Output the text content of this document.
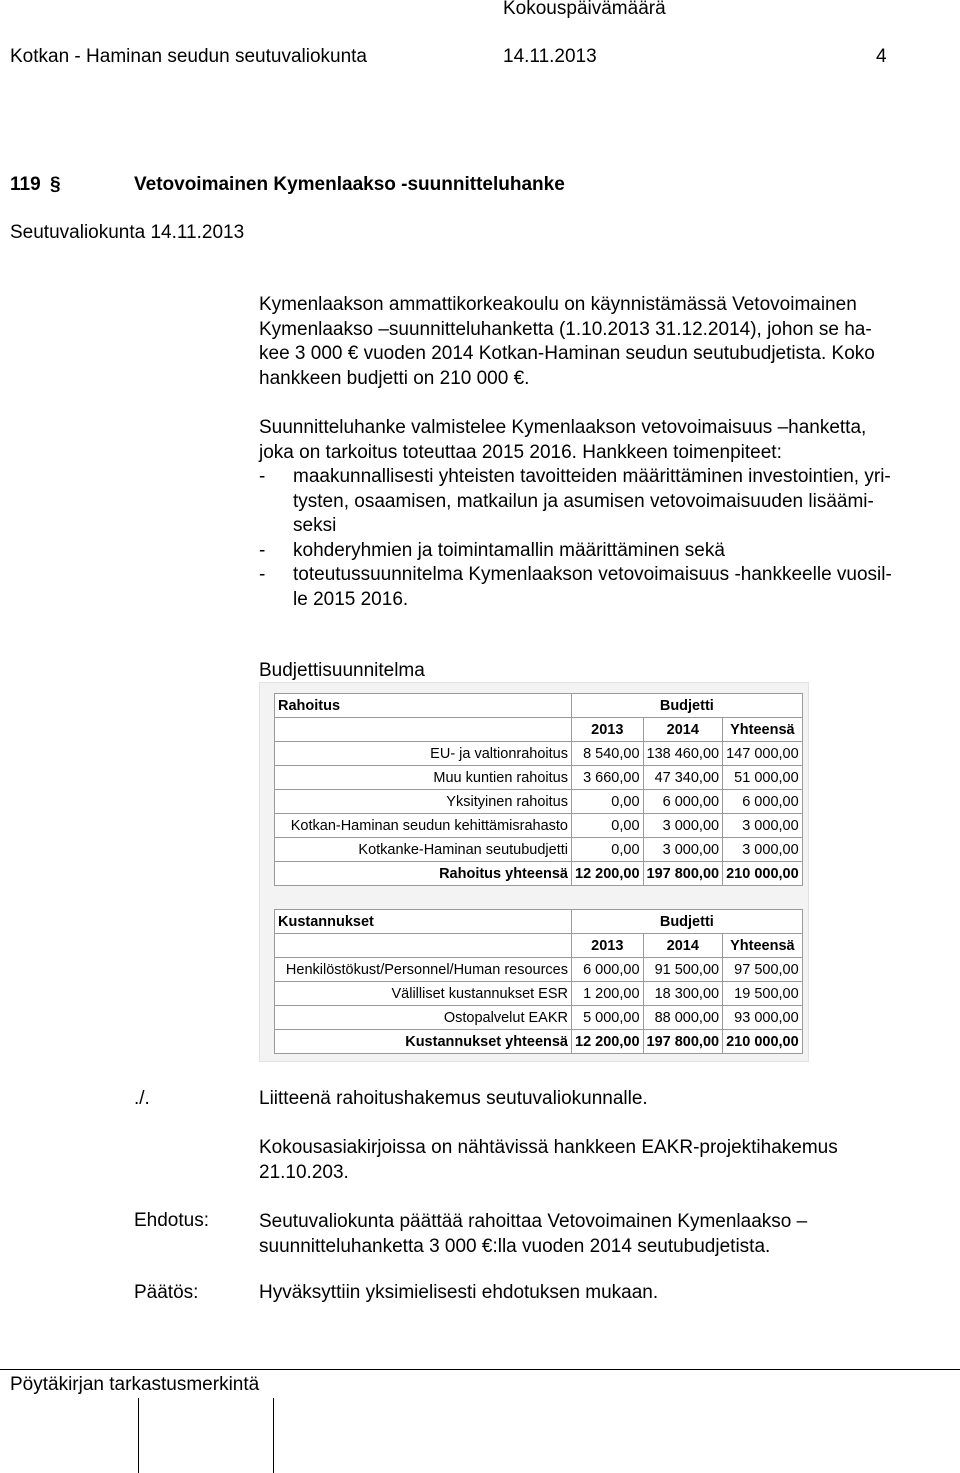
Kokouspäivämäärä
Kotkan - Haminan seudun seutuvaliokunta	14.11.2013	4
119 §	Vetovoimainen Kymenlaakso -suunnitteluhanke
Seutuvaliokunta 14.11.2013

Kymenlaakson ammattikorkeakoulu on käynnistämässä Vetovoimainen

Kymenlaakso –suunnitteluhanketta (1.10.2013 31.12.2014), johon se ha-

kee 3 000 € vuoden 2014 Kotkan-Haminan seudun seutubudjetista. Koko

hankkeen budjetti on 210 000 €.

Suunnitteluhanke valmistelee Kymenlaakson vetovoimaisuus –hanketta,

joka on tarkoitus toteuttaa 2015 2016. Hankkeen toimenpiteet:

-	maakunnallisesti yhteisten tavoitteiden määrittäminen investointien, yri-

tysten, osaamisen, matkailun ja asumisen vetovoimaisuuden lisäämi-

seksi

-	kohderyhmien ja toimintamallin määrittäminen sekä

-	toteutussuunnitelma Kymenlaakson vetovoimaisuus -hankkeelle vuosil-

le 2015 2016.

Budjettisuunnitelma
Rahoitus	Budjetti		
	2013	2014	Yhteensä
EU- ja valtionrahoitus	8 540,00	138 460,00	147 000,00
Muu kuntien rahoitus	3 660,00	47 340,00	51 000,00
Yksityinen rahoitus	0,00	6 000,00	6 000,00
Kotkan-Haminan seudun kehittämisrahasto	0,00	3 000,00	3 000,00
Kotkanke-Haminan seutubudjetti	0,00	3 000,00	3 000,00
Rahoitus yhteensä	12 200,00	197 800,00	210 000,00
Kustannukset	Budjetti		
	2013	2014	Yhteensä
Henkilöstökust/Personnel/Human resources	6 000,00	91 500,00	97 500,00
Välilliset kustannukset ESR	1 200,00	18 300,00	19 500,00
Ostopalvelut EAKR	5 000,00	88 000,00	93 000,00
Kustannukset yhteensä	12 200,00	197 800,00	210 000,00
./.	Liitteenä rahoitushakemus seutuvaliokunnalle.

Kokousasiakirjoissa on nähtävissä hankkeen EAKR-projektihakemus

21.10.203.

Ehdotus:	Seutuvaliokunta päättää rahoittaa Vetovoimainen Kymenlaakso –

suunnitteluhanketta 3 000 €:lla vuoden 2014 seutubudjetista.

Päätös:	Hyväksyttiin yksimielisesti ehdotuksen mukaan.
Pöytäkirjan tarkastusmerkintä
